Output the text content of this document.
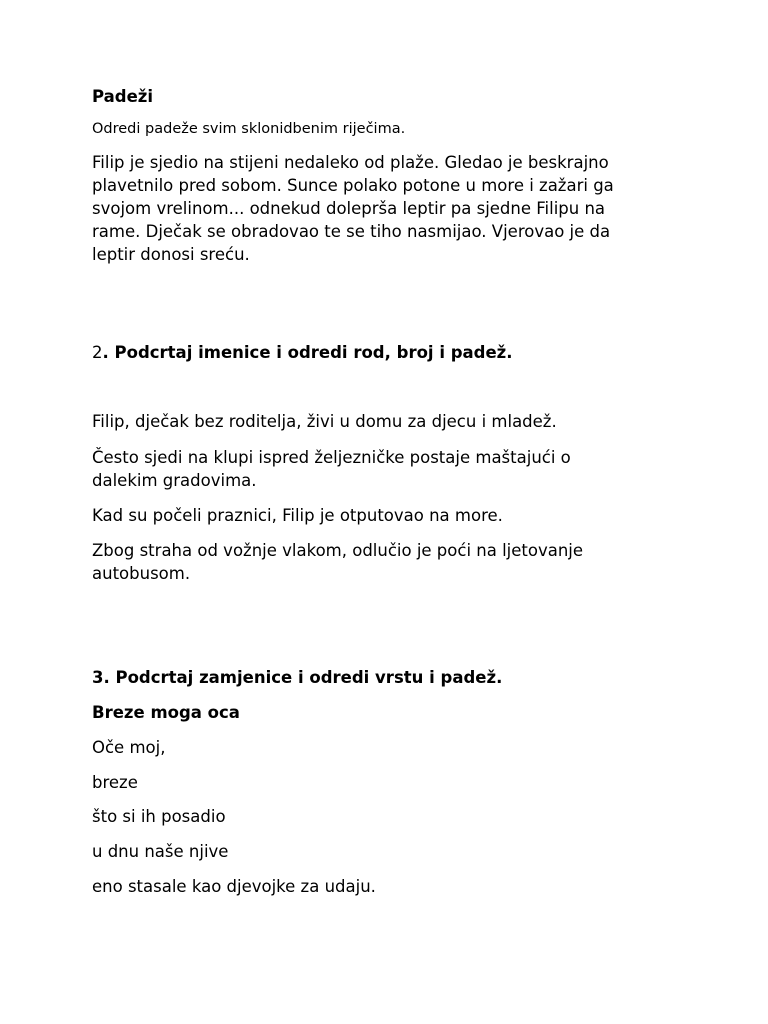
Padeži
Odredi padeže svim sklonidbenim riječima.
Filip je sjedio na stijeni nedaleko od plaže. Gledao je beskrajno
plavetnilo pred sobom. Sunce polako potone u more i zažari ga
svojom vrelinom... odnekud dolepršа leptir pa sjedne Filipu na
rame. Dječak se obradovao te se tiho nasmijao. Vjerovao je da
leptir donosi sreću.
2. Podcrtaj imenice i odredi rod, broj i padež.
Filip, dječak bez roditelja, živi u domu za djecu i mladež.
Često sjedi na klupi ispred željezničke postaje maštajući o
dalekim gradovima.
Kad su počeli praznici, Filip je otputovao na more.
Zbog straha od vožnje vlakom, odlučio je poći na ljetovanje
autobusom.
3. Podcrtaj zamjenice i odredi vrstu i padež.
Breze moga oca
Oče moj,
breze
što si ih posadio
u dnu naše njive
eno stasale kao djevojke za udaju.
